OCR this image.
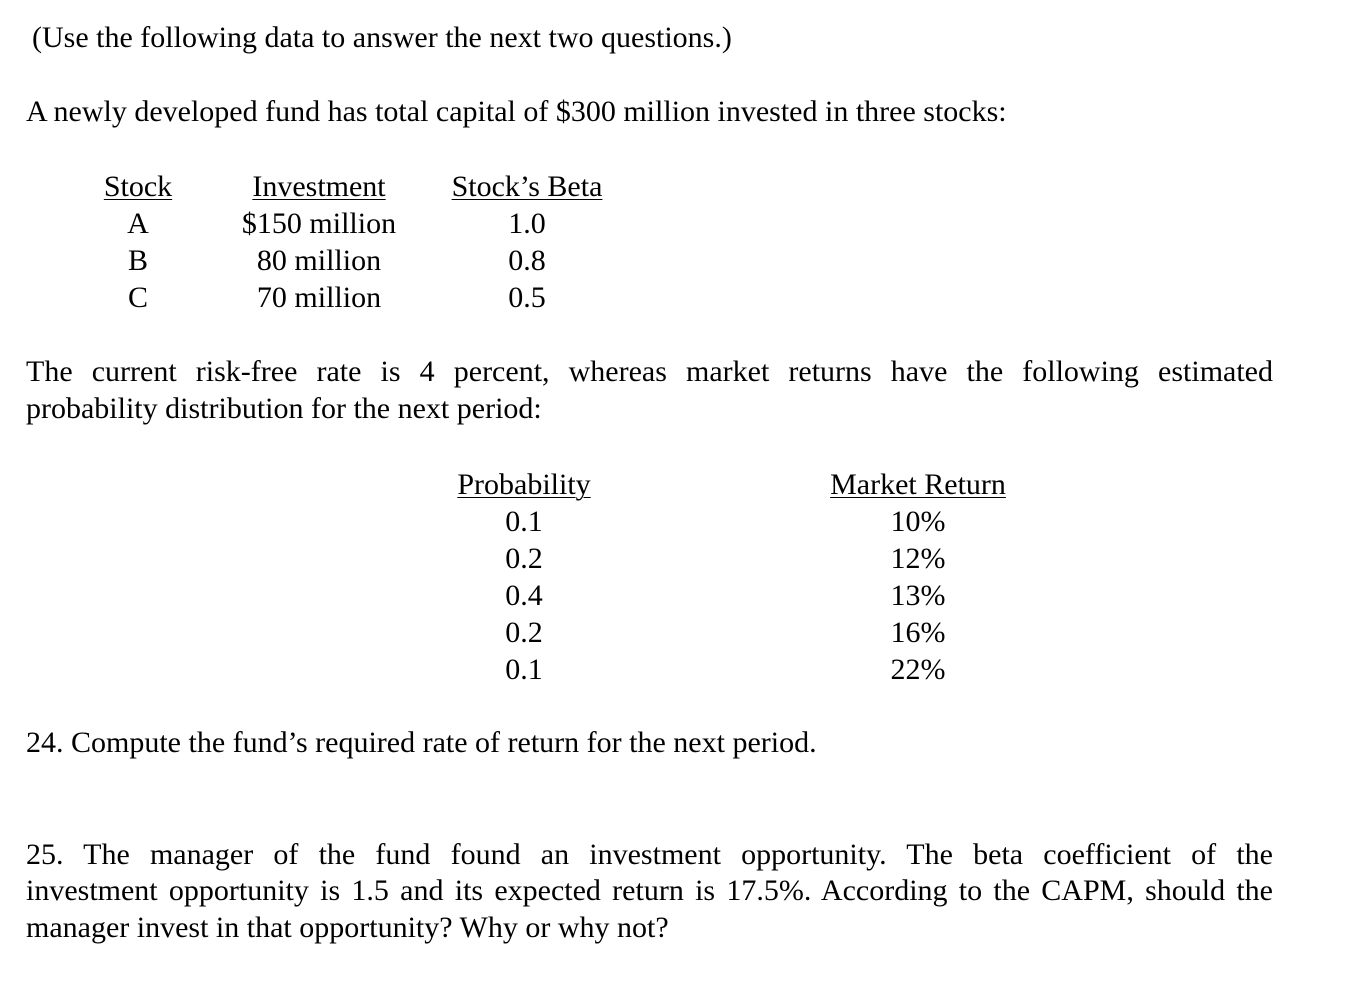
(Use the following data to answer the next two questions.)
A newly developed fund has total capital of $300 million invested in three stocks:
Stock
A
B
C
Investment
$150 million
80 million
70 million
Stock’s Beta
1.0
0.8
0.5
The current risk-free rate is 4 percent, whereas market returns have the following estimated
probability distribution for the next period:
Probability
0.1
0.2
0.4
0.2
0.1
Market Return
10%
12%
13%
16%
22%
24. Compute the fund’s required rate of return for the next period.
25. The manager of the fund found an investment opportunity. The beta coefficient of the
investment opportunity is 1.5 and its expected return is 17.5%. According to the CAPM, should the
manager invest in that opportunity? Why or why not?
